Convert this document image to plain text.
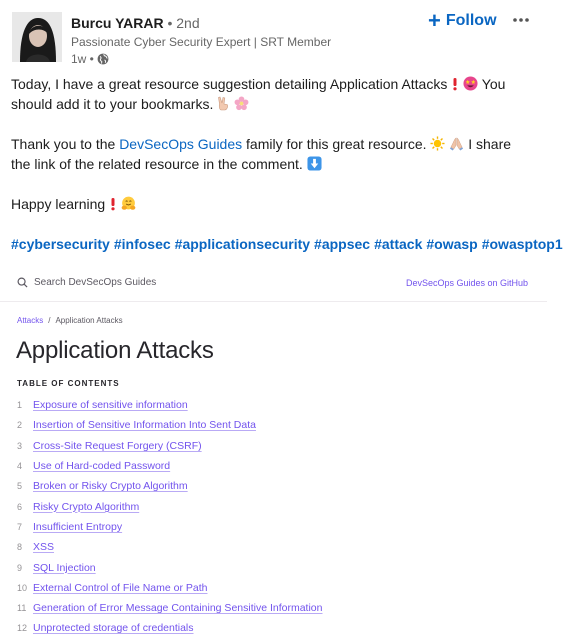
Burcu YARAR • 2nd
Passionate Cyber Security Expert | SRT Member
1w •
+ Follow

Today, I have a great resource suggestion detailing Application Attacks You should add it to your bookmarks.

Thank you to the DevSecOps Guides family for this great resource.	I share the link of the related resource in the comment.

Happy learning

#cybersecurity #infosec #applicationsecurity #appsec #attack #owasp #owasptop1

Search DevSecOps Guides	DevSecOps Guides on GitHub
Attacks / Application Attacks
Application Attacks
TABLE OF CONTENTS
1	Exposure of sensitive information
2	Insertion of Sensitive Information Into Sent Data
3	Cross-Site Request Forgery (CSRF)
4	Use of Hard-coded Password
5	Broken or Risky Crypto Algorithm
6	Risky Crypto Algorithm
7	Insufficient Entropy
8	XSS
9	SQL Injection
10 External Control of File Name or Path
11 Generation of Error Message Containing Sensitive Information
12 Unprotected storage of credentials
